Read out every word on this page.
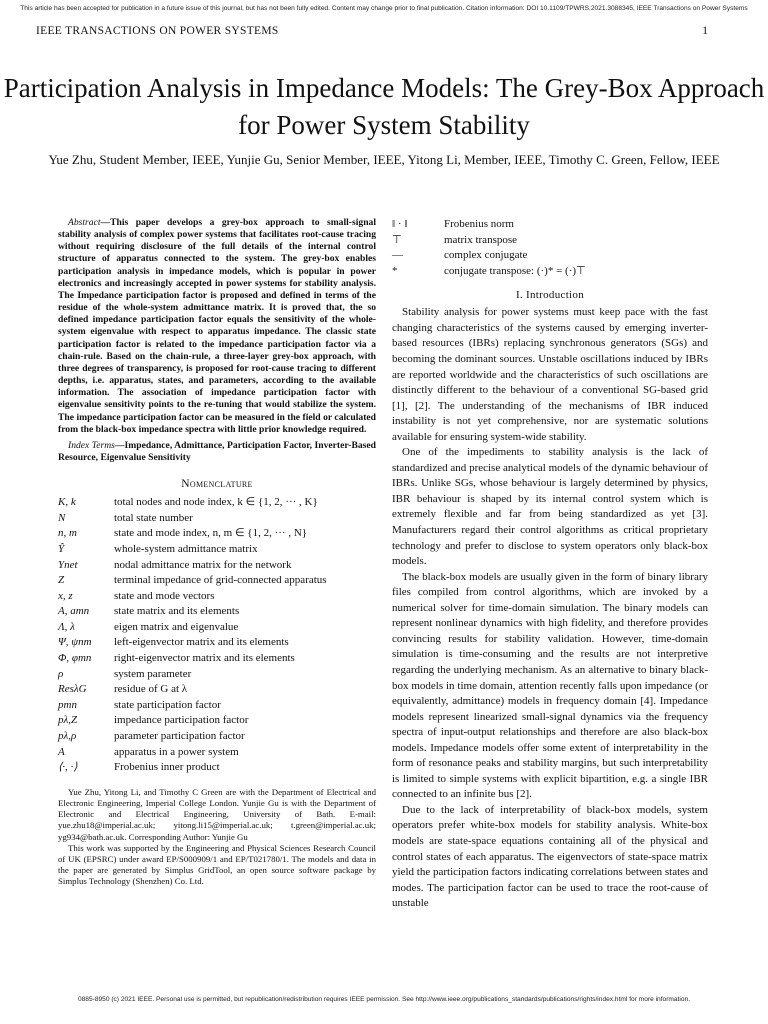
This article has been accepted for publication in a future issue of this journal, but has not been fully edited. Content may change prior to final publication. Citation information: DOI 10.1109/TPWRS.2021.3088345, IEEE Transactions on Power Systems
IEEE TRANSACTIONS ON POWER SYSTEMS	1
Participation Analysis in Impedance Models: The Grey-Box Approach for Power System Stability
Yue Zhu, Student Member, IEEE, Yunjie Gu, Senior Member, IEEE, Yitong Li, Member, IEEE, Timothy C. Green, Fellow, IEEE

Abstract—This paper develops a grey-box approach to small-signal stability analysis of complex power systems that facilitates root-cause tracing without requiring disclosure of the full details of the internal control structure of apparatus connected to the system. The grey-box enables participation analysis in impedance models, which is popular in power electronics and increasingly accepted in power systems for stability analysis. The Impedance participation factor is proposed and defined in terms of the residue of the whole-system admittance matrix. It is proved that, the so defined impedance participation factor equals the sensitivity of the whole-system eigenvalue with respect to apparatus impedance. The classic state participation factor is related to the impedance participation factor via a chain-rule. Based on the chain-rule, a three-layer grey-box approach, with three degrees of transparency, is proposed for root-cause tracing to different depths, i.e. apparatus, states, and parameters, according to the available information. The association of impedance participation factor with eigenvalue sensitivity points to the re-tuning that would stabilize the system. The impedance participation factor can be measured in the field or calculated from the black-box impedance spectra with little prior knowledge required.

Index Terms—Impedance, Admittance, Participation Factor, Inverter-Based Resource, Eigenvalue Sensitivity

Nomenclature
K, k	total nodes and node index, k ∈ {1, 2, ··· , K}
N	total state number
n, m	state and mode index, n, m ∈ {1, 2, ··· , N}
Ŷ	whole-system admittance matrix
Ynet	nodal admittance matrix for the network
Z	terminal impedance of grid-connected apparatus
x, z	state and mode vectors
A, amn	state matrix and its elements
Λ, λ	eigen matrix and eigenvalue
Ψ, ψnm	left-eigenvector matrix and its elements
Φ, φmn	right-eigenvector matrix and its elements
ρ	system parameter
ResλG	residue of G at λ
pmn	state participation factor
pλ,Z	impedance participation factor
pλ,ρ	parameter participation factor
A	apparatus in a power system
⟨·, ·⟩	Frobenius inner product

Yue Zhu, Yitong Li, and Timothy C Green are with the Department of Electrical and Electronic Engineering, Imperial College London. Yunjie Gu is with the Department of Electronic and Electrical Engineering, University of Bath. E-mail: yue.zhu18@imperial.ac.uk; yitong.li15@imperial.ac.uk; t.green@imperial.ac.uk; yg934@bath.ac.uk. Corresponding Author: Yunjie Gu

This work was supported by the Engineering and Physical Sciences Research Council of UK (EPSRC) under award EP/S000909/1 and EP/T021780/1. The models and data in the paper are generated by Simplus GridTool, an open source software package by Simplus Technology (Shenzhen) Co. Ltd.

‖ · ‖	Frobenius norm
⊤	matrix transpose
—	complex conjugate
*	conjugate transpose: (·)* = (·)⊤
I. Introduction

Stability analysis for power systems must keep pace with the fast changing characteristics of the systems caused by emerging inverter-based resources (IBRs) replacing synchronous generators (SGs) and becoming the dominant sources. Unstable oscillations induced by IBRs are reported worldwide and the characteristics of such oscillations are distinctly different to the behaviour of a conventional SG-based grid [1], [2]. The understanding of the mechanisms of IBR induced instability is not yet comprehensive, nor are systematic solutions available for ensuring system-wide stability.

One of the impediments to stability analysis is the lack of standardized and precise analytical models of the dynamic behaviour of IBRs. Unlike SGs, whose behaviour is largely determined by physics, IBR behaviour is shaped by its internal control system which is extremely flexible and far from being standardized as yet [3]. Manufacturers regard their control algorithms as critical proprietary technology and prefer to disclose to system operators only black-box models.

The black-box models are usually given in the form of binary library files compiled from control algorithms, which are invoked by a numerical solver for time-domain simulation. The binary models can represent nonlinear dynamics with high fidelity, and therefore provides convincing results for stability validation. However, time-domain simulation is time-consuming and the results are not interpretive regarding the underlying mechanism. As an alternative to binary black-box models in time domain, attention recently falls upon impedance (or equivalently, admittance) models in frequency domain [4]. Impedance models represent linearized small-signal dynamics via the frequency spectra of input-output relationships and therefore are also black-box models. Impedance models offer some extent of interpretability in the form of resonance peaks and stability margins, but such interpretability is limited to simple systems with explicit bipartition, e.g. a single IBR connected to an infinite bus [2].

Due to the lack of interpretability of black-box models, system operators prefer white-box models for stability analysis. White-box models are state-space equations containing all of the physical and control states of each apparatus. The eigenvectors of state-space matrix yield the participation factors indicating correlations between states and modes. The participation factor can be used to trace the root-cause of unstable

0885-8950 (c) 2021 IEEE. Personal use is permitted, but republication/redistribution requires IEEE permission. See http://www.ieee.org/publications_standards/publications/rights/index.html for more information.
